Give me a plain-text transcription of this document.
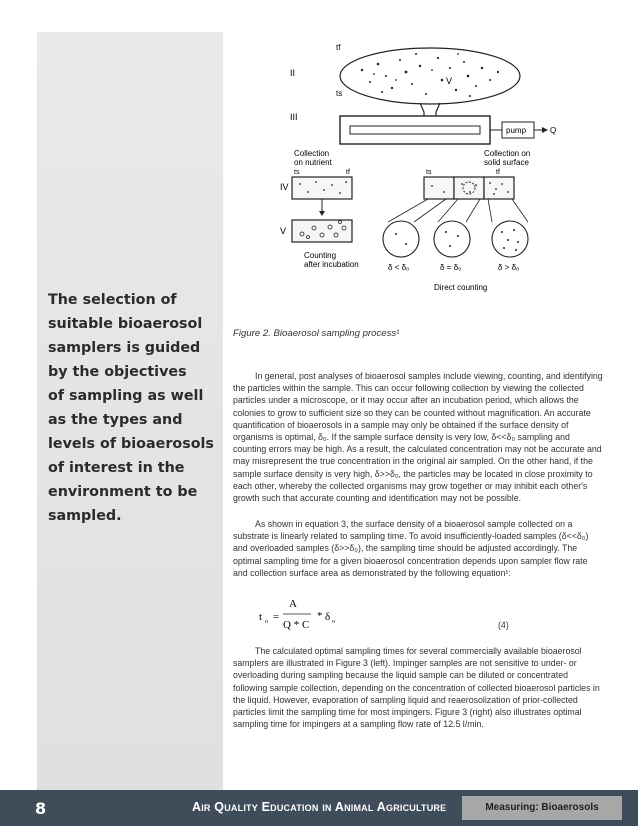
The selection of
suitable bioaerosol
samplers is guided
by the objectives
of sampling as well
as the types and
levels of bioaerosols
of interest in the
environment to be
sampled.

II
tf
ts
V
III
pump	Q
Collection on nutrient
Collection on solid surface
ts	tf	ts	tf
IV
V
Counting after incubation	δ < δ₀	δ = δ₀	δ > δ₀
Direct counting
Figure 2. Bioaerosol sampling process¹

In general, post analyses of bioaerosol samples include viewing, counting, and identifying the particles within the sample. This can occur following collection by viewing the collected particles under a microscope, or it may occur after an incubation period, which allows the colonies to grow to sufficient size so they can be counted without magnification. An accurate quantification of bioaerosols in a sample may only be obtained if the surface density of organisms is optimal, δ₀. If the sample surface density is very low, δ<<δ₀ sampling and counting errors may be high. As a result, the calculated concentration may not be accurate and may misrepresent the true concentration in the original air sampled. On the other hand, if the sample surface density is very high, δ>>δ₀, the particles may be located in close proximity to each other, whereby the collected organisms may grow together or may inhibit each other's growth such that accurate counting and identification may not be possible.

As shown in equation 3, the surface density of a bioaerosol sample collected on a substrate is linearly related to sampling time. To avoid insufficiently-loaded samples (δ<<δ₀) and overloaded samples (δ>>δ₀), the sampling time should be adjusted accordingly. The optimal sampling time for a given bioaerosol concentration depends upon sampler flow rate and collection surface area as demonstrated by the following equation¹:

t o =
A
Q * C
* δ o	(4)

The calculated optimal sampling times for several commercially available bioaerosol samplers are illustrated in Figure 3 (left). Impinger samples are not sensitive to under- or overloading during sampling because the liquid sample can be diluted or concentrated following sample collection, depending on the concentration of collected bioaerosol particles in the liquid. However, evaporation of sampling liquid and reaerosolization of prior-collected particles limit the sampling time for most impingers. Figure 3 (right) also illustrates optimal sampling time for impingers at a sampling flow rate of 12.5 l/min.

8	Air Quality Education in Animal Agriculture	Measuring: Bioaerosols
